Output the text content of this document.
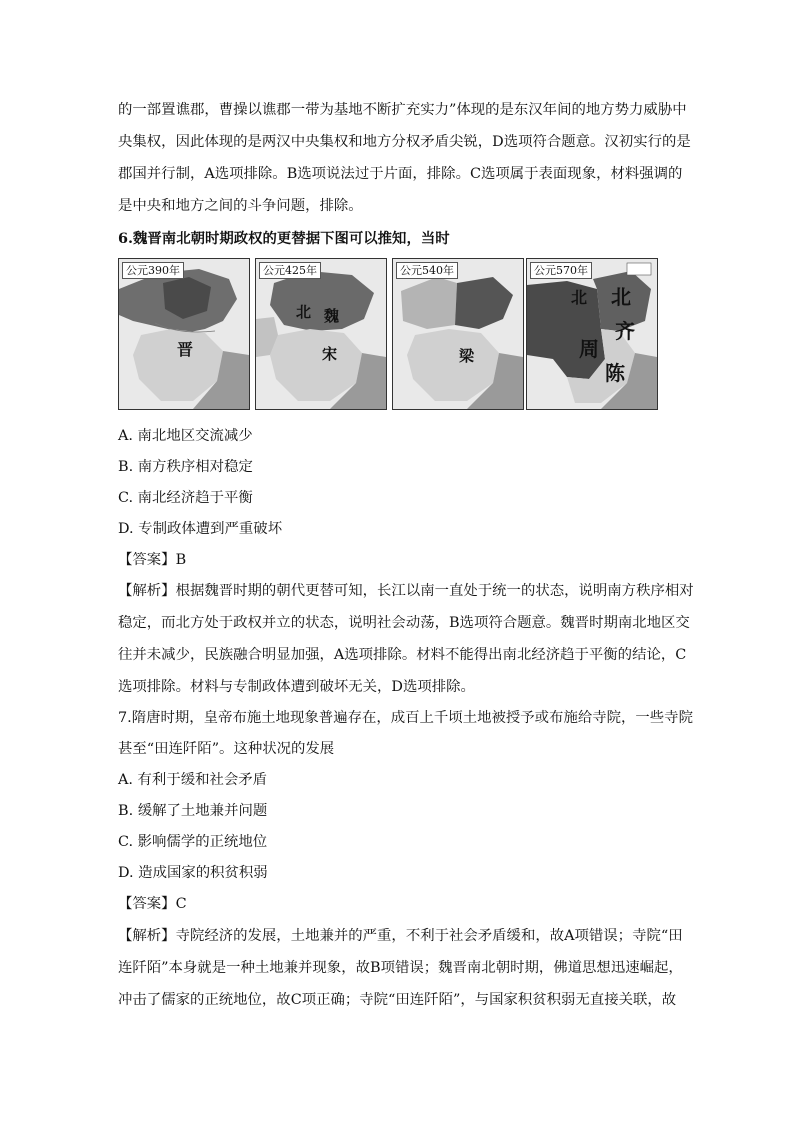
的一部置谯郡，曹操以谯郡一带为基地不断扩充实力”体现的是东汉年间的地方势力威胁中
央集权，因此体现的是两汉中央集权和地方分权矛盾尖锐，D选项符合题意。汉初实行的是
郡国并行制，A选项排除。B选项说法过于片面，排除。C选项属于表面现象，材料强调的
是中央和地方之间的斗争问题，排除。
6.魏晋南北朝时期政权的更替据下图可以推知，当时
公元390年
晋
公元425年
北 魏
宋
公元540年
梁
公元570年
北 北
齐
周
陈
A. 南北地区交流减少
B. 南方秩序相对稳定
C. 南北经济趋于平衡
D. 专制政体遭到严重破坏
【答案】B
【解析】根据魏晋时期的朝代更替可知，长江以南一直处于统一的状态，说明南方秩序相对
稳定，而北方处于政权并立的状态，说明社会动荡，B选项符合题意。魏晋时期南北地区交
往并未减少，民族融合明显加强，A选项排除。材料不能得出南北经济趋于平衡的结论，C
选项排除。材料与专制政体遭到破坏无关，D选项排除。
7.隋唐时期，皇帝布施土地现象普遍存在，成百上千顷土地被授予或布施给寺院，一些寺院
甚至“田连阡陌”。这种状况的发展
A. 有利于缓和社会矛盾
B. 缓解了土地兼并问题
C. 影响儒学的正统地位
D. 造成国家的积贫积弱
【答案】C
【解析】寺院经济的发展，土地兼并的严重，不利于社会矛盾缓和，故A项错误；寺院“田
连阡陌”本身就是一种土地兼并现象，故B项错误；魏晋南北朝时期，佛道思想迅速崛起，
冲击了儒家的正统地位，故C项正确；寺院“田连阡陌”，与国家积贫积弱无直接关联，故
